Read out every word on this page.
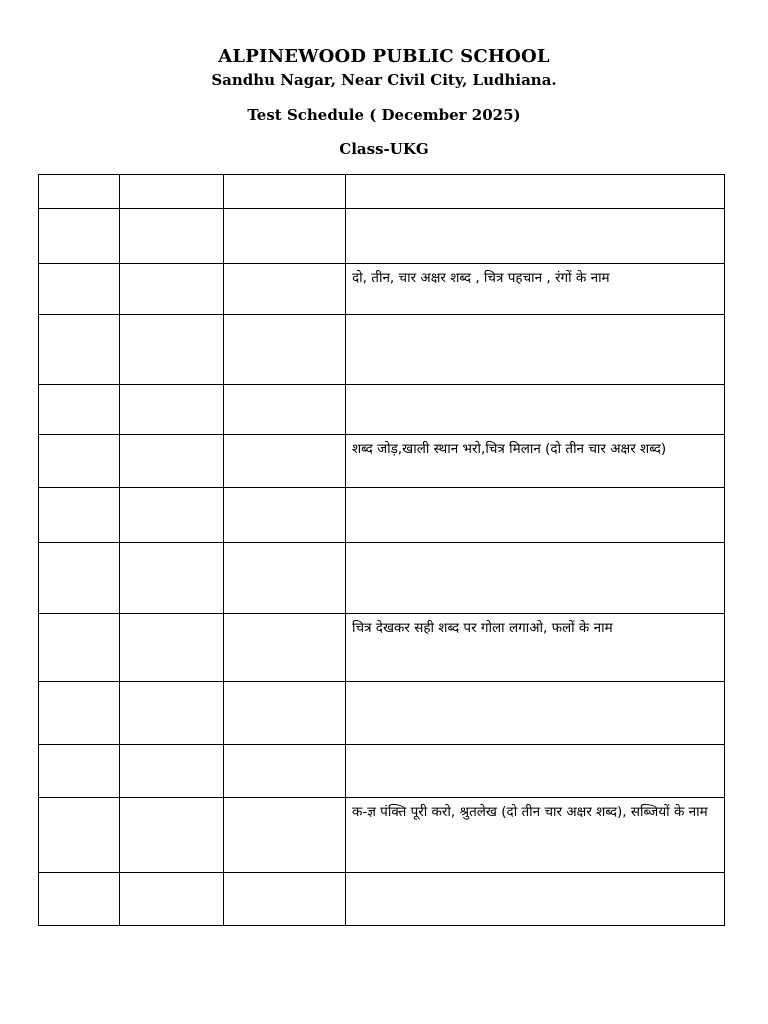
ALPINEWOOD PUBLIC SCHOOL
Sandhu Nagar, Near Civil City, Ludhiana.
Test Schedule ( December 2025)
Class-UKG

			दो, तीन, चार अक्षर शब्द , चित्र पहचान , रंगों के नाम

			शब्द जोड़,खाली स्थान भरो,चित्र मिलान (दो तीन चार अक्षर शब्द)

			चित्र देखकर सही शब्द पर गोला लगाओ, फलों के नाम

			क-ज्ञ पंक्ति पूरी करो, श्रुतलेख (दो तीन चार अक्षर शब्द), सब्जियों के नाम
